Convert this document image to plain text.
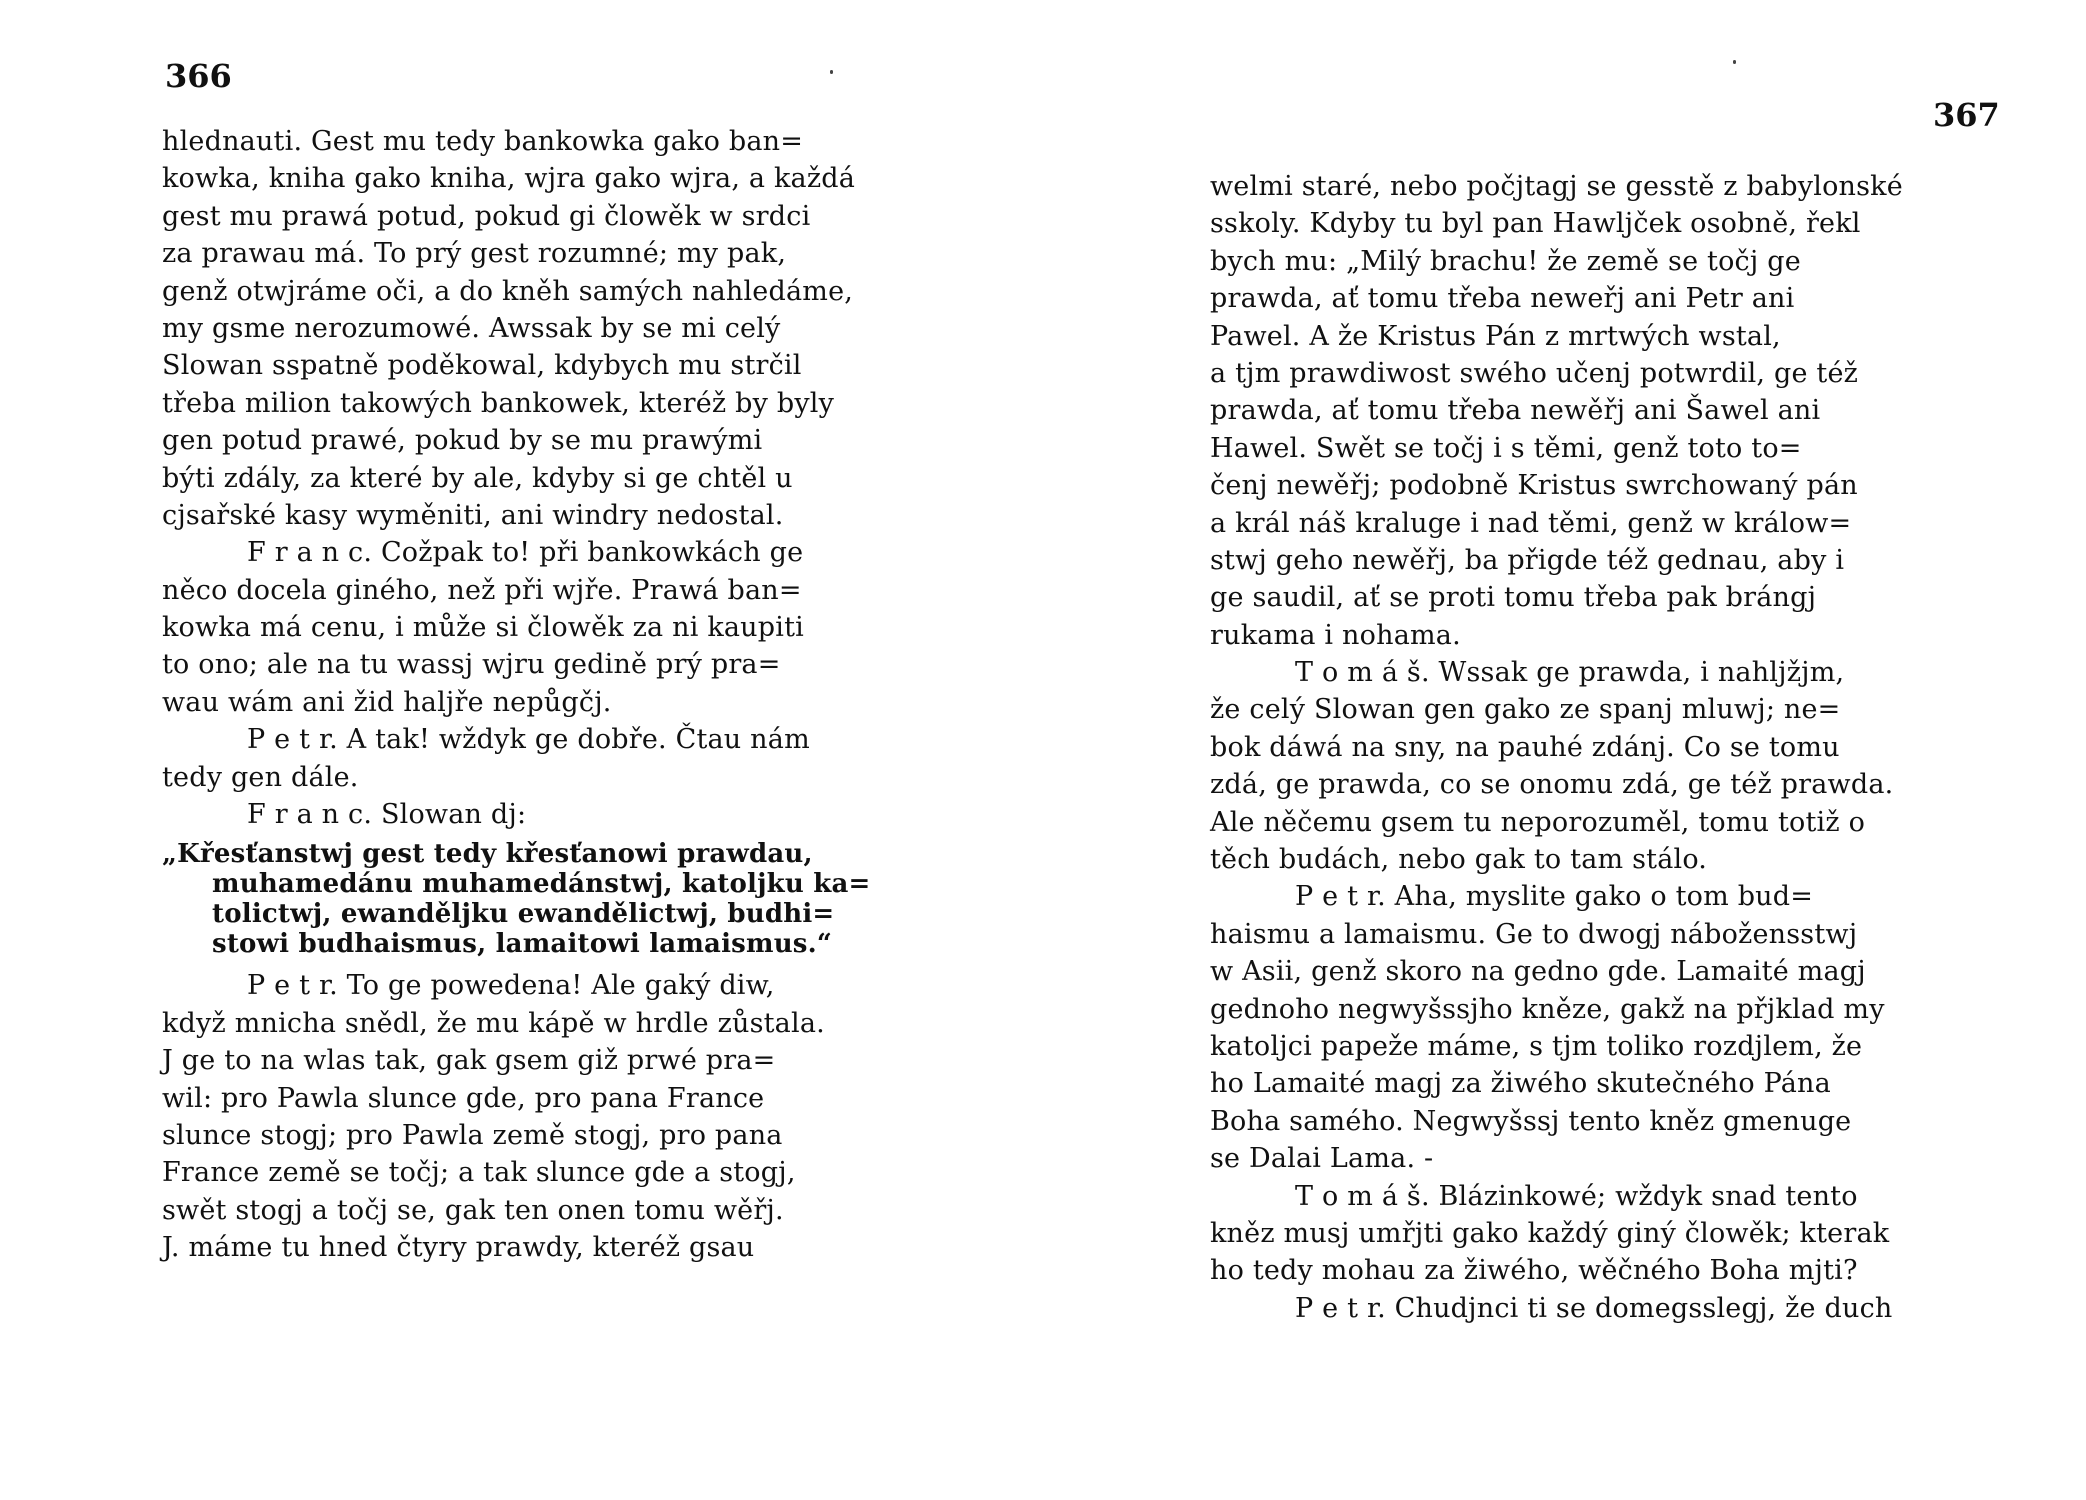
366
hlednauti. Gest mu tedy bankowka gako ban=
kowka, kniha gako kniha, wjra gako wjra, a každá
gest mu prawá potud, pokud gi člowěk w srdci
za prawau má. To prý gest rozumné; my pak,
genž otwjráme oči, a do kněh samých nahledáme,
my gsme nerozumowé. Awssak by se mi celý
Slowan sspatně poděkowal, kdybych mu strčil
třeba milion takowých bankowek, kteréž by byly
gen potud prawé, pokud by se mu prawými
býti zdály, za které by ale, kdyby si ge chtěl u
cjsařské kasy wyměniti, ani windry nedostal.
F r a n c. Cožpak to! při bankowkách ge
něco docela giného, než při wjře. Prawá ban=
kowka má cenu, i může si člowěk za ni kaupiti
to ono; ale na tu wassj wjru gedině prý pra=
wau wám ani žid haljře nepůgčj.
P e t r. A tak! wždyk ge dobře. Čtau nám
tedy gen dále.
F r a n c. Slowan dj:
„Křesťanstwj gest tedy křesťanowi prawdau,
muhamedánu muhamedánstwj, katoljku ka=
tolictwj, ewanděljku ewandělictwj, budhi=
stowi budhaismus, lamaitowi lamaismus.“
P e t r. To ge powedena! Ale gaký diw,
když mnicha snědl, že mu kápě w hrdle zůstala.
J ge to na wlas tak, gak gsem giž prwé pra=
wil: pro Pawla slunce gde, pro pana France
slunce stogj; pro Pawla země stogj, pro pana
France země se točj; a tak slunce gde a stogj,
swět stogj a točj se, gak ten onen tomu wěřj.
J. máme tu hned čtyry prawdy, kteréž gsau
367
welmi staré, nebo počjtagj se gesstě z babylonské
sskoly. Kdyby tu byl pan Hawljček osobně, řekl
bych mu: „Milý brachu! že země se točj ge
prawda, ať tomu třeba neweřj ani Petr ani
Pawel. A že Kristus Pán z mrtwých wstal,
a tjm prawdiwost swého učenj potwrdil, ge též
prawda, ať tomu třeba newěřj ani Šawel ani
Hawel. Swět se točj i s těmi, genž toto to=
čenj newěřj; podobně Kristus swrchowaný pán
a král náš kraluge i nad těmi, genž w králow=
stwj geho newěřj, ba přigde též gednau, aby i
ge saudil, ať se proti tomu třeba pak brángj
rukama i nohama.
T o m á š. Wssak ge prawda, i nahljžjm,
že celý Slowan gen gako ze spanj mluwj; ne=
bok dáwá na sny, na pauhé zdánj. Co se tomu
zdá, ge prawda, co se onomu zdá, ge též prawda.
Ale něčemu gsem tu neporozuměl, tomu totiž o
těch budách, nebo gak to tam stálo.
P e t r. Aha, myslite gako o tom bud=
haismu a lamaismu. Ge to dwogj nábožensstwj
w Asii, genž skoro na gedno gde. Lamaité magj
gednoho negwyšssjho kněze, gakž na přjklad my
katoljci papeže máme, s tjm toliko rozdjlem, že
ho Lamaité magj za žiwého skutečného Pána
Boha samého. Negwyšssj tento kněz gmenuge
se Dalai Lama. -
T o m á š. Blázinkowé; wždyk snad tento
kněz musj umřjti gako každý giný člowěk; kterak
ho tedy mohau za žiwého, wěčného Boha mjti?
P e t r. Chudjnci ti se domegsslegj, že duch
